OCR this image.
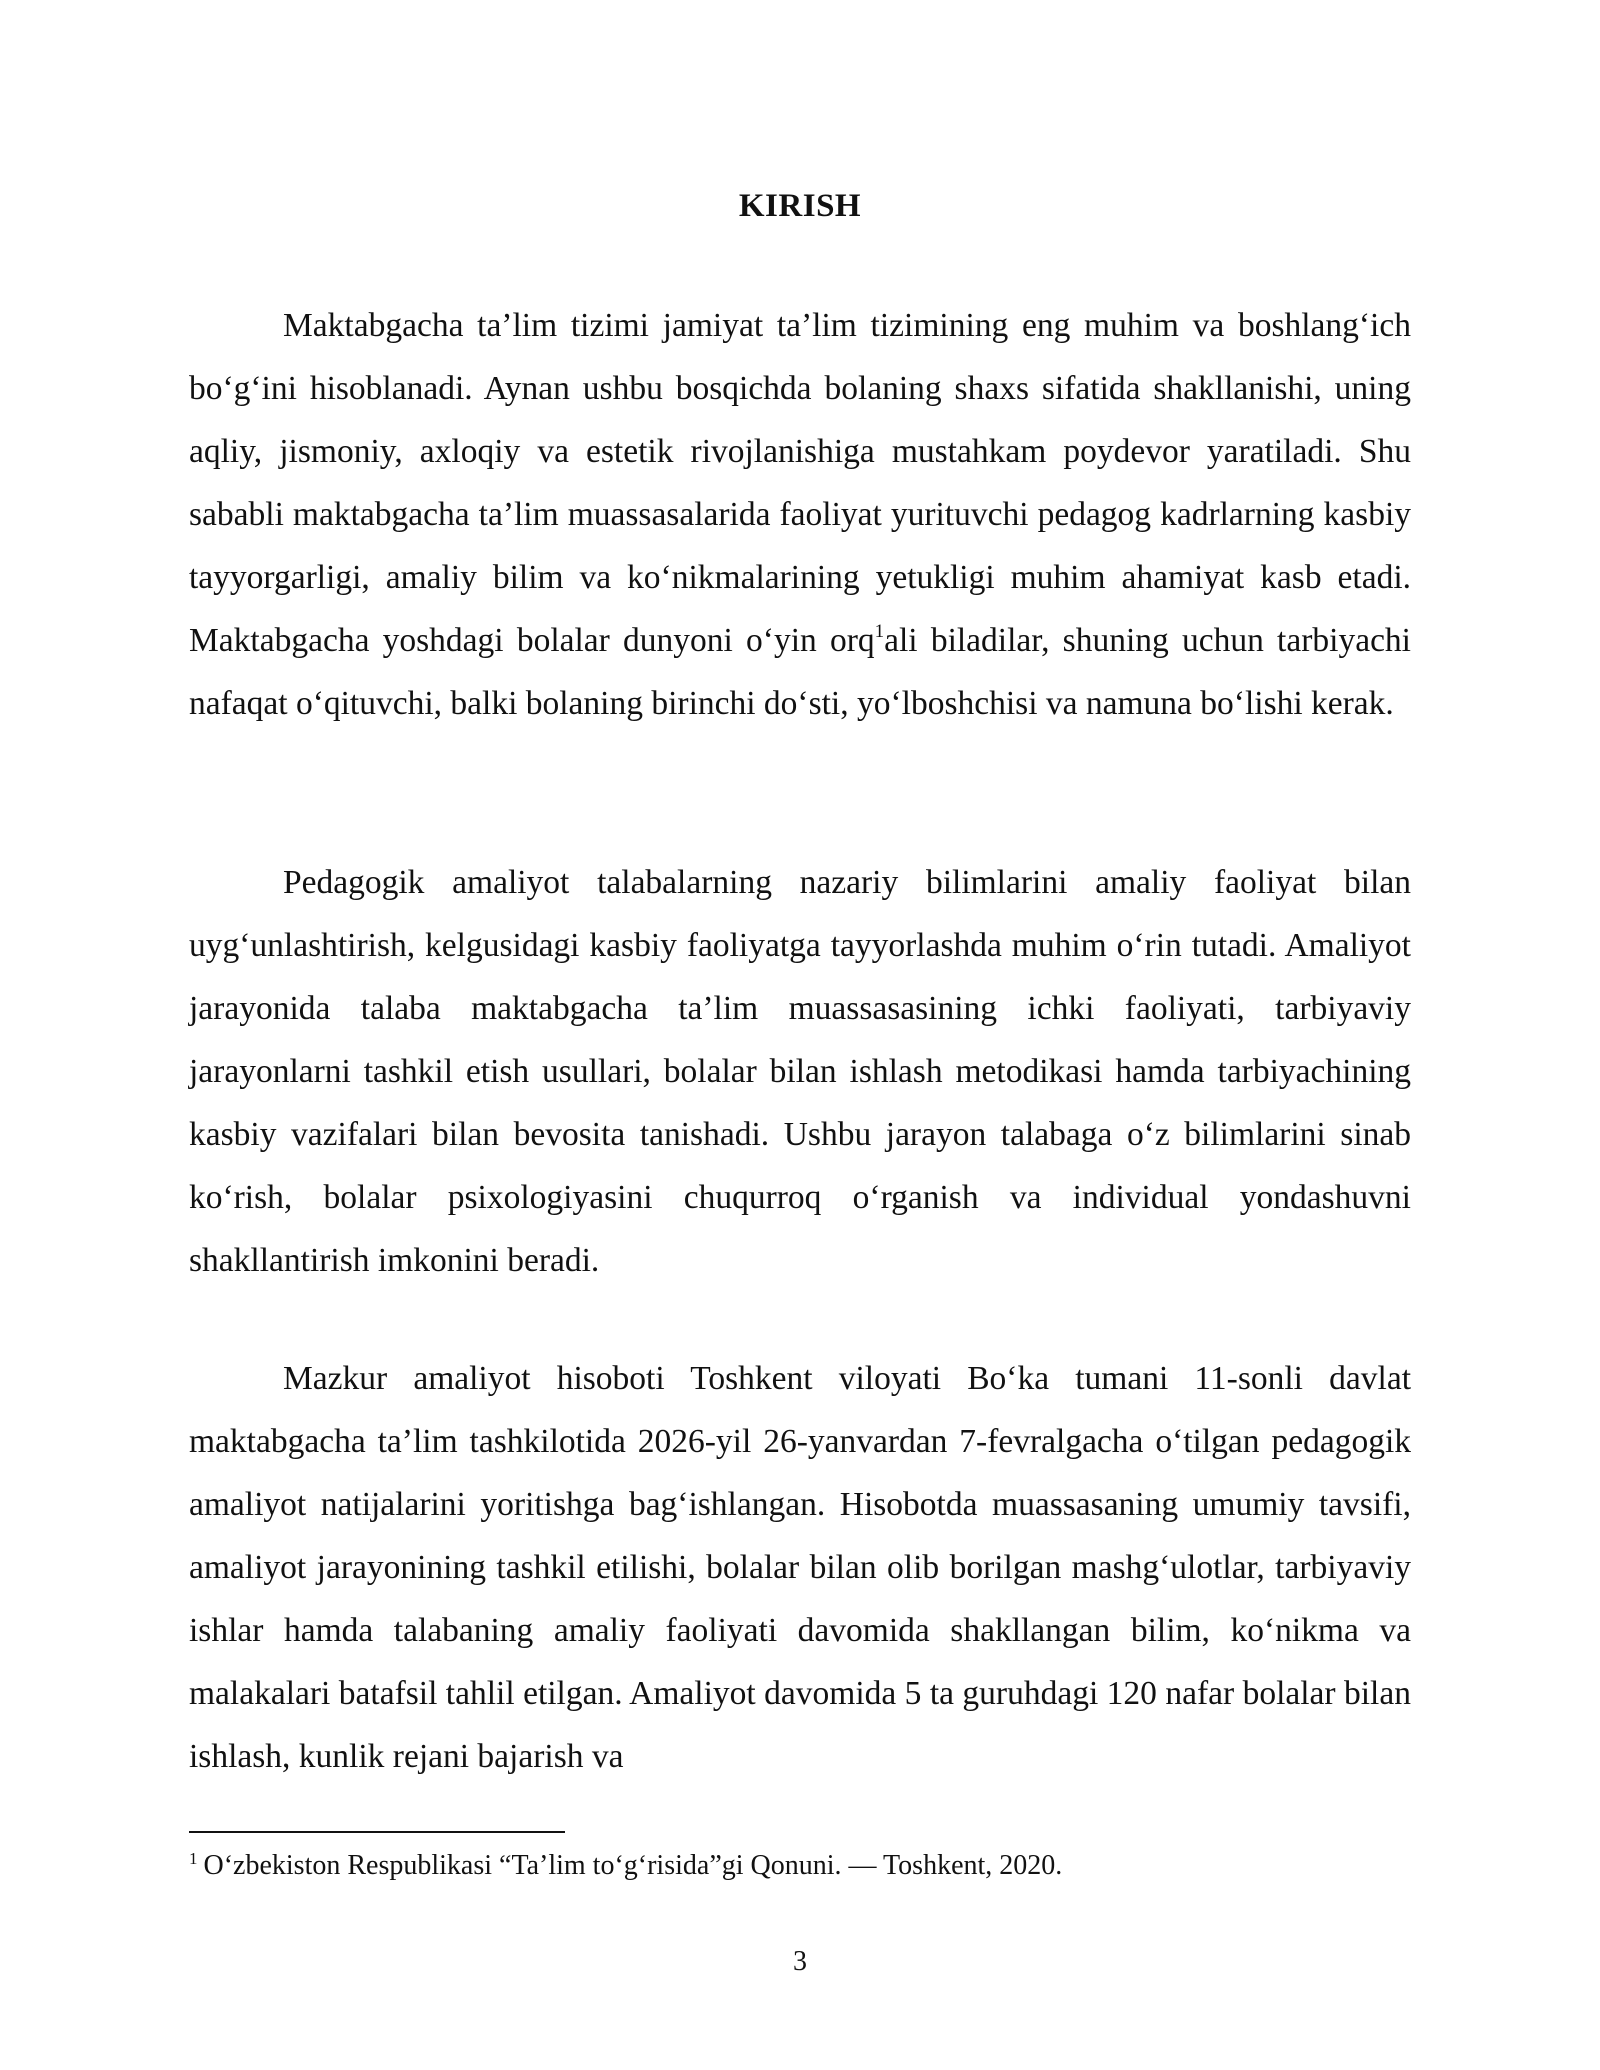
KIRISH

Maktabgacha ta’lim tizimi jamiyat ta’lim tizimining eng muhim va boshlang‘ich bo‘g‘ini hisoblanadi. Aynan ushbu bosqichda bolaning shaxs sifatida shakllanishi, uning aqliy, jismoniy, axloqiy va estetik rivojlanishiga mustahkam poydevor yaratiladi. Shu sababli maktabgacha ta’lim muassasalarida faoliyat yurituvchi pedagog kadrlarning kasbiy tayyorgarligi, amaliy bilim va ko‘nikmalarining yetukligi muhim ahamiyat kasb etadi. Maktabgacha yoshdagi bolalar dunyoni o‘yin orq$^1$ali biladilar, shuning uchun tarbiyachi nafaqat o‘qituvchi, balki bolaning birinchi do‘sti, yo‘lboshchisi va namuna bo‘lishi kerak.

Pedagogik amaliyot talabalarning nazariy bilimlarini amaliy faoliyat bilan uyg‘unlashtirish, kelgusidagi kasbiy faoliyatga tayyorlashda muhim o‘rin tutadi. Amaliyot jarayonida talaba maktabgacha ta’lim muassasasining ichki faoliyati, tarbiyaviy jarayonlarni tashkil etish usullari, bolalar bilan ishlash metodikasi hamda tarbiyachining kasbiy vazifalari bilan bevosita tanishadi. Ushbu jarayon talabaga o‘z bilimlarini sinab ko‘rish, bolalar psixologiyasini chuqurroq o‘rganish va individual yondashuvni shakllantirish imkonini beradi.

Mazkur amaliyot hisoboti Toshkent viloyati Bo‘ka tumani 11-sonli davlat maktabgacha ta’lim tashkilotida 2026-yil 26-yanvardan 7-fevralgacha o‘tilgan pedagogik amaliyot natijalarini yoritishga bag‘ishlangan. Hisobotda muassasaning umumiy tavsifi, amaliyot jarayonining tashkil etilishi, bolalar bilan olib borilgan mashg‘ulotlar, tarbiyaviy ishlar hamda talabaning amaliy faoliyati davomida shakllangan bilim, ko‘nikma va malakalari batafsil tahlil etilgan. Amaliyot davomida 5 ta guruhdagi 120 nafar bolalar bilan ishlash, kunlik rejani bajarish va

$^1$ O‘zbekiston Respublikasi “Ta’lim to‘g‘risida”gi Qonuni. — Toshkent, 2020.
3
